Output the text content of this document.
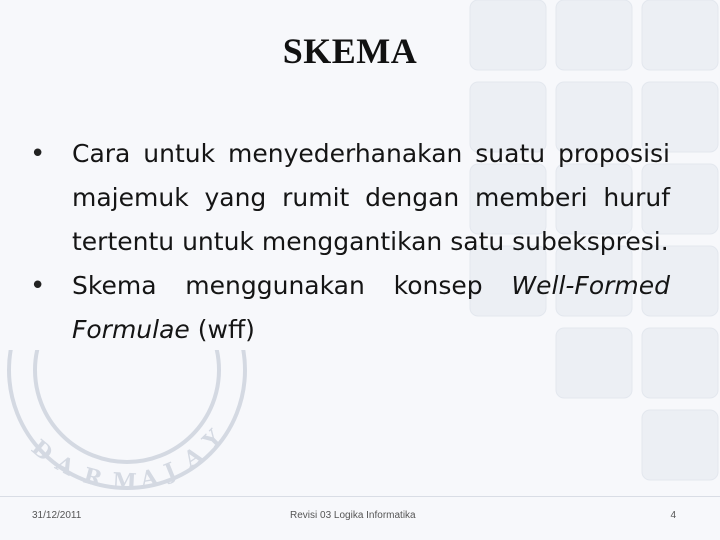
D
A R M A J A
Y
SKEMA
• Cara untuk menyederhanakan suatu proposisi majemuk yang rumit dengan memberi huruf tertentu untuk menggantikan satu subekspresi.
• Skema menggunakan konsep Well-Formed Formulae (wff)
31/12/2011	Revisi 03 Logika Informatika	4
